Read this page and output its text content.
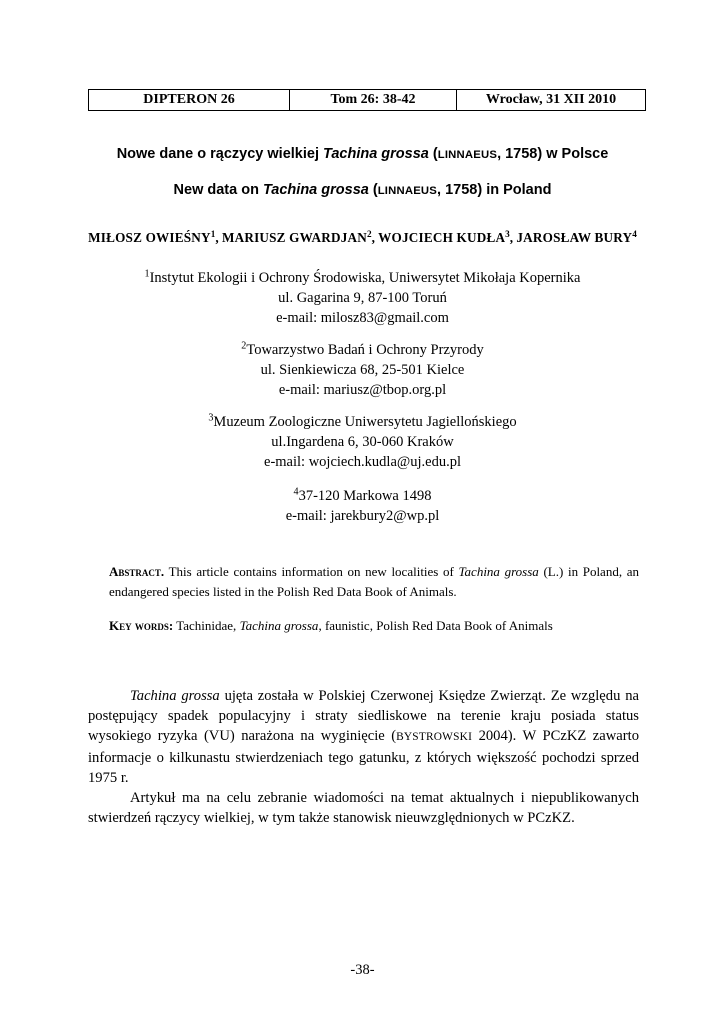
DIPTERON 26	Tom 26: 38-42	Wrocław, 31 XII 2010
Nowe dane o rączycy wielkiej Tachina grossa (LINNAEUS, 1758) w Polsce
New data on Tachina grossa (LINNAEUS, 1758) in Poland
MIŁOSZ OWIEŚNY$^1$, MARIUSZ GWARDJAN$^2$, WOJCIECH KUDŁA$^3$, JAROSŁAW BURY$^4$
$^1$Instytut Ekologii i Ochrony Środowiska, Uniwersytet Mikołaja Kopernika
ul. Gagarina 9, 87-100 Toruń
e-mail: milosz83@gmail.com
$^2$Towarzystwo Badań i Ochrony Przyrody
ul. Sienkiewicza 68, 25-501 Kielce
e-mail: mariusz@tbop.org.pl
$^3$Muzeum Zoologiczne Uniwersytetu Jagiellońskiego
ul.Ingardena 6, 30-060 Kraków
e-mail: wojciech.kudla@uj.edu.pl
$^4$37-120 Markowa 1498
e-mail: jarekbury2@wp.pl
Abstract. This article contains information on new localities of Tachina grossa (L.) in Poland, an endangered species listed in the Polish Red Data Book of Animals.
Key words: Tachinidae, Tachina grossa, faunistic, Polish Red Data Book of Animals

Tachina grossa ujęta została w Polskiej Czerwonej Księdze Zwierząt. Ze względu na postępujący spadek populacyjny i straty siedliskowe na terenie kraju posiada status wysokiego ryzyka (VU) narażona na wyginięcie (BYSTROWSKI 2004). W PCzKZ zawarto informacje o kilkunastu stwierdzeniach tego gatunku, z których większość pochodzi sprzed 1975 r.

Artykuł ma na celu zebranie wiadomości na temat aktualnych i niepublikowanych stwierdzeń rączycy wielkiej, w tym także stanowisk nieuwzględnionych w PCzKZ.

-38-
